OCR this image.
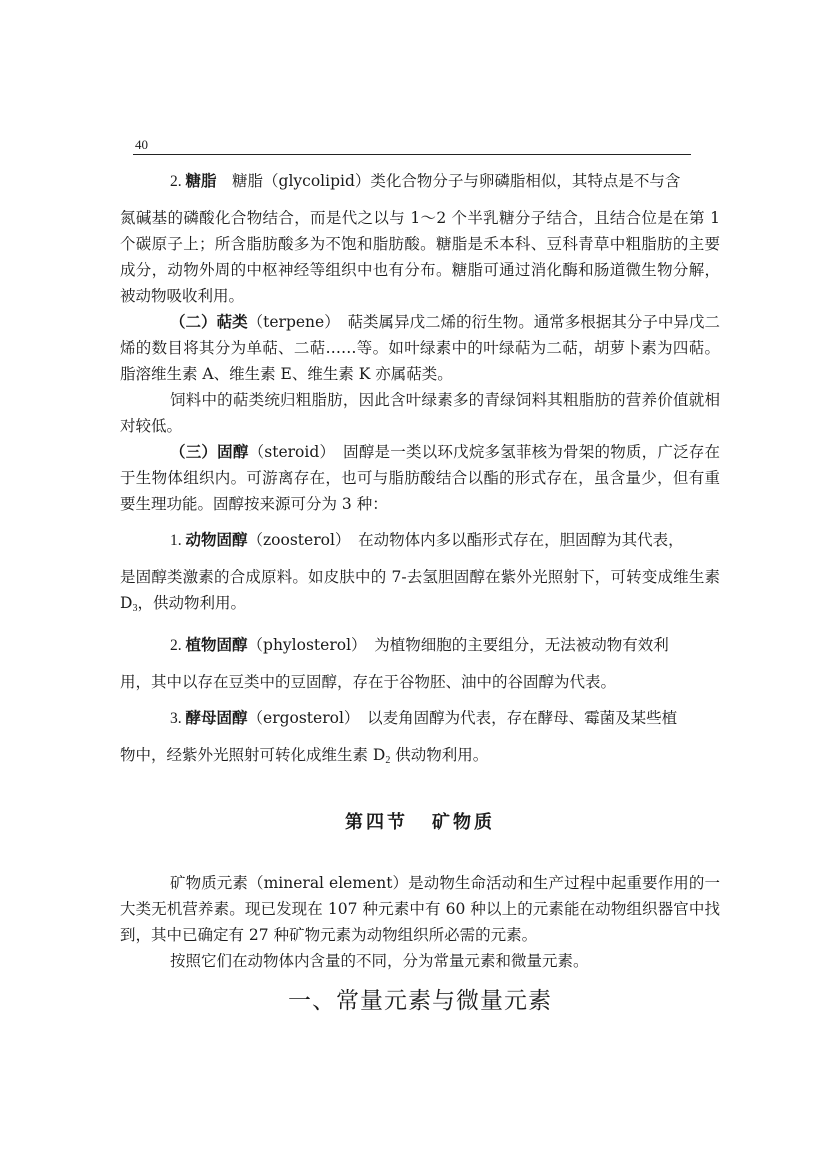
40

2. 糖脂　糖脂（glycolipid）类化合物分子与卵磷脂相似，其特点是不与含

氮碱基的磷酸化合物结合，而是代之以与 1～2 个半乳糖分子结合，且结合位是在第 1 个碳原子上；所含脂肪酸多为不饱和脂肪酸。糖脂是禾本科、豆科青草中粗脂肪的主要成分，动物外周的中枢神经等组织中也有分布。糖脂可通过消化酶和肠道微生物分解，被动物吸收利用。

（二）萜类（terpene）　萜类属异戊二烯的衍生物。通常多根据其分子中异戊二烯的数目将其分为单萜、二萜……等。如叶绿素中的叶绿萜为二萜，胡萝卜素为四萜。脂溶维生素 A、维生素 E、维生素 K 亦属萜类。

饲料中的萜类统归粗脂肪，因此含叶绿素多的青绿饲料其粗脂肪的营养价值就相对较低。

（三）固醇（steroid）　固醇是一类以环戊烷多氢菲核为骨架的物质，广泛存在于生物体组织内。可游离存在，也可与脂肪酸结合以酯的形式存在，虽含量少，但有重要生理功能。固醇按来源可分为 3 种：

1. 动物固醇（zoosterol）　在动物体内多以酯形式存在，胆固醇为其代表，

是固醇类激素的合成原料。如皮肤中的 7-去氢胆固醇在紫外光照射下，可转变成维生素 $D_3$，供动物利用。

2. 植物固醇（phylosterol）　为植物细胞的主要组分，无法被动物有效利

用，其中以存在豆类中的豆固醇，存在于谷物胚、油中的谷固醇为代表。

3. 酵母固醇（ergosterol）　以麦角固醇为代表，存在酵母、霉菌及某些植

物中，经紫外光照射可转化成维生素 $D_2$ 供动物利用。

第四节 矿物质

矿物质元素（mineral element）是动物生命活动和生产过程中起重要作用的一大类无机营养素。现已发现在 107 种元素中有 60 种以上的元素能在动物组织器官中找到，其中已确定有 27 种矿物元素为动物组织所必需的元素。

按照它们在动物体内含量的不同，分为常量元素和微量元素。

一、常量元素与微量元素
